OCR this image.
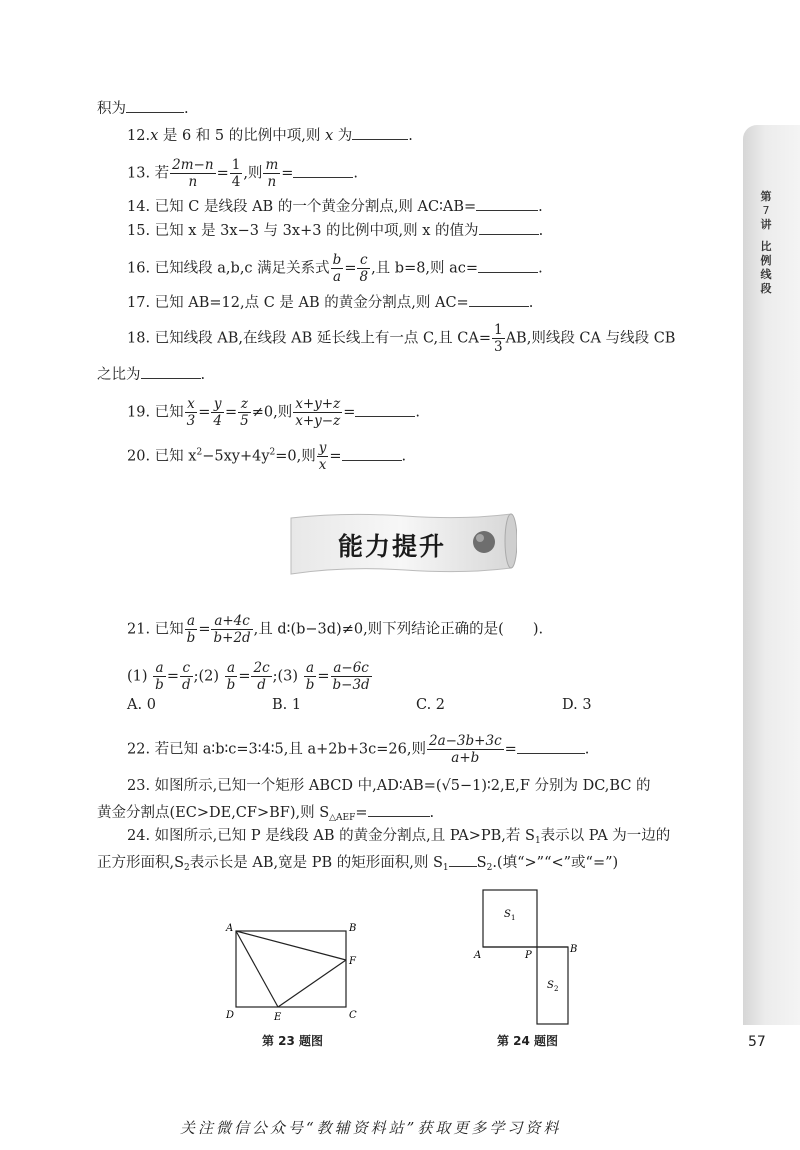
第
7
讲
比
例
线
段
积为	.
12.x 是 6 和 5 的比例中项,则 x 为	.
13. 若 $\frac{2m-n}{n} = \frac{1}{4}$ ,则 $\frac{m}{n}$ =	.
14. 已知 C 是线段 AB 的一个黄金分割点,则 AC∶AB=	.
15. 已知 x 是 3x−3 与 3x+3 的比例中项,则 x 的值为	.
16. 已知线段 a,b,c 满足关系式 $\frac{b}{a} = \frac{c}{8}$ ,且 b=8,则 ac=	.
17. 已知 AB=12,点 C 是 AB 的黄金分割点,则 AC=	.
18. 已知线段 AB,在线段 AB 延长线上有一点 C,且 $CA= \frac{1}{3}$ AB,则线段 CA 与线段 CB
之比为	.
19. 已知 $\frac{x}{3} = \frac{y}{4} = \frac{z}{5} \ne 0$,则 $\frac{x+y+z}{x+y-z}$ =	.
20. 已知 $x^2-5xy+4y^2=0$,则 $\frac{y}{x}$ =	.
能力提升
21. 已知 $\frac{a}{b} = \frac{a+4c}{b+2d}$ ,且 d∶(b−3d)≠0,则下列结论正确的是(　　).
$(1) \frac{a}{b} = \frac{c}{d}$ ;(2) $\frac{a}{b} = \frac{2c}{d}$ ;(3) $\frac{a}{b} = \frac{a-6c}{b-3d}$
A. 0	B. 1	C. 2	D. 3
22. 若已知 a∶b∶c=3∶4∶5,且 a+2b+3c=26,则 $\frac{2a-3b+3c}{a+b}$ =	.
23. 如图所示,已知一个矩形 ABCD 中,AD∶AB=(√5−1)∶2,E,F 分别为 DC,BC 的
黄金分割点(EC>DE,CF>BF),则 $S_{\triangle AEF}=$	.
24. 如图所示,已知 P 是线段 AB 的黄金分割点,且 PA>PB,若 $S_1$表示以 PA 为一边的
正方形面积$,S_2$表示长是 AB,宽是 PB 的矩形面积,则 $S_1$ $S_2$.(填“>”“<”或“=”)
A	B
C
D	E
F
第 23 题图
A	P
B
S 1
S 2
第 24 题图	57
关注微信公众号“教辅资料站”获取更多学习资料
